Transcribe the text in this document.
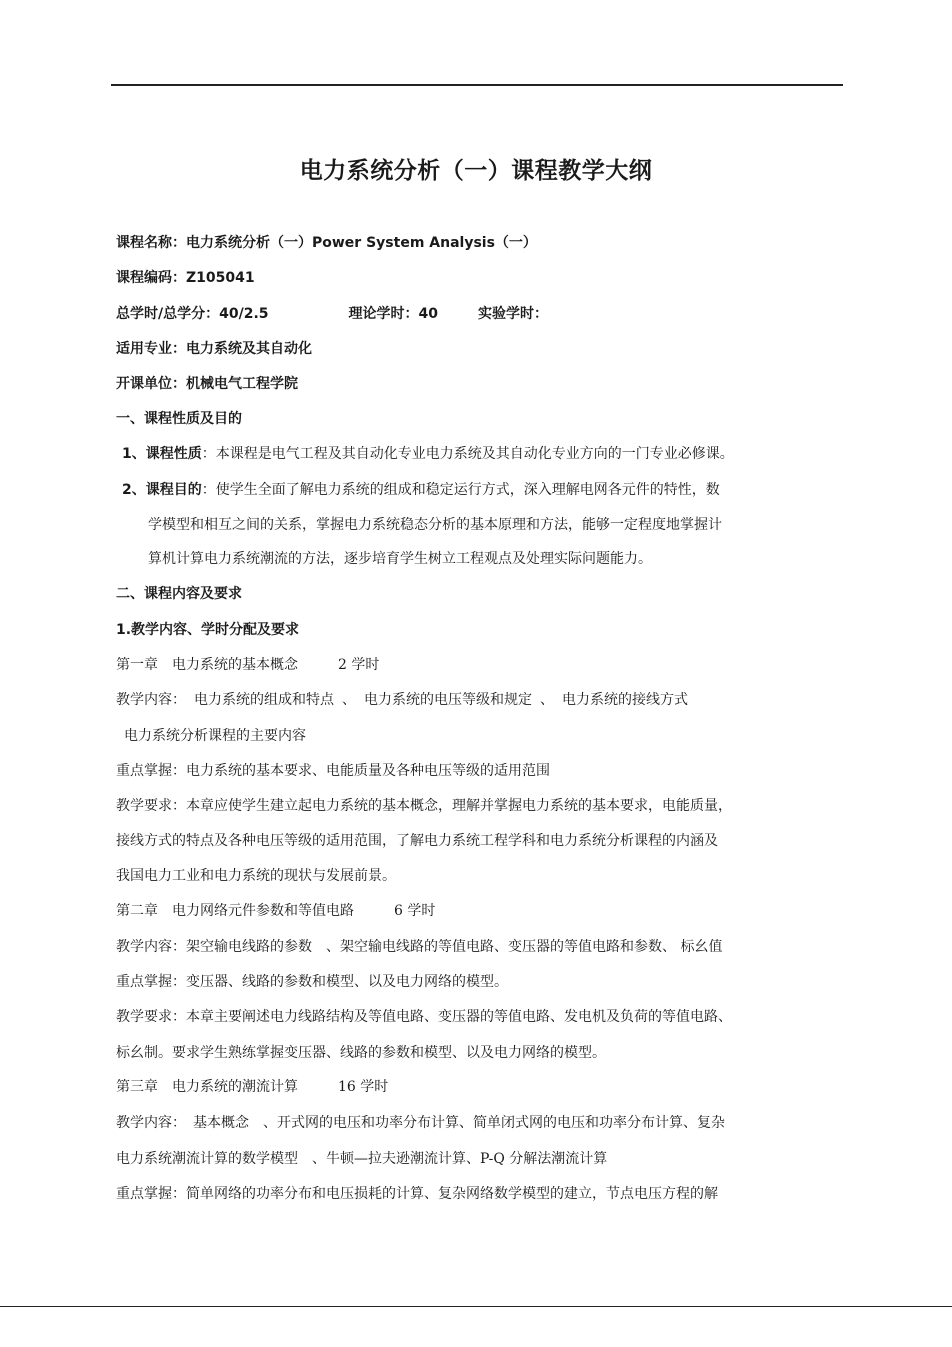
电力系统分析（一）课程教学大纲
课程名称：电力系统分析（一）Power System Analysis（一）
课程编码：Z105041
总学时/总学分：40/2.5	理论学时：40	实验学时：
适用专业：电力系统及其自动化
开课单位：机械电气工程学院
一、课程性质及目的
1、课程性质：本课程是电气工程及其自动化专业电力系统及其自动化专业方向的一门专业必修课。
2、课程目的：使学生全面了解电力系统的组成和稳定运行方式，深入理解电网各元件的特性，数
学模型和相互之间的关系，掌握电力系统稳态分析的基本原理和方法，能够一定程度地掌握计
算机计算电力系统潮流的方法，逐步培育学生树立工程观点及处理实际问题能力。
二、课程内容及要求
1.教学内容、学时分配及要求
第一章　电力系统的基本概念	2 学时
教学内容： 电力系统的组成和特点 、 电力系统的电压等级和规定 、 电力系统的接线方式
电力系统分析课程的主要内容
重点掌握：电力系统的基本要求、电能质量及各种电压等级的适用范围
教学要求：本章应使学生建立起电力系统的基本概念，理解并掌握电力系统的基本要求，电能质量，
接线方式的特点及各种电压等级的适用范围，了解电力系统工程学科和电力系统分析课程的内涵及
我国电力工业和电力系统的现状与发展前景。
第二章　电力网络元件参数和等值电路	6 学时
教学内容：架空输电线路的参数　、架空输电线路的等值电路、变压器的等值电路和参数、 标幺值
重点掌握：变压器、线路的参数和模型、以及电力网络的模型。
教学要求：本章主要阐述电力线路结构及等值电路、变压器的等值电路、发电机及负荷的等值电路、
标幺制。要求学生熟练掌握变压器、线路的参数和模型、以及电力网络的模型。
第三章　电力系统的潮流计算	16 学时
教学内容：　基本概念　、开式网的电压和功率分布计算、简单闭式网的电压和功率分布计算、复杂
电力系统潮流计算的数学模型　、牛顿—拉夫逊潮流计算、P-Q 分解法潮流计算
重点掌握：简单网络的功率分布和电压损耗的计算、复杂网络数学模型的建立，节点电压方程的解
